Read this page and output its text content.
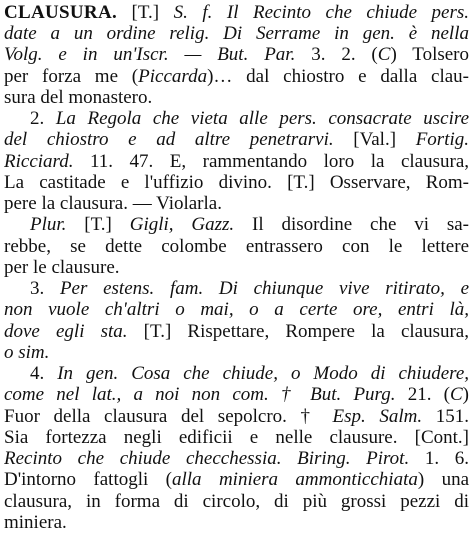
CLAUSURA. [T.] S. f. Il Recinto che chiude pers.
date a un ordine relig. Di Serrame in gen. è nella
Volg. e in un'Iscr. — But. Par. 3. 2. (C) Tolsero
per forza me (Piccarda)… dal chiostro e dalla clau-
sura del monastero.
2. La Regola che vieta alle pers. consacrate uscire
del chiostro e ad altre penetrarvi. [Val.] Fortig.
Ricciard. 11. 47. E, rammentando loro la clausura,
La castitade e l'uffizio divino. [T.] Osservare, Rom-
pere la clausura. — Violarla.
Plur. [T.] Gigli, Gazz. Il disordine che vi sa-
rebbe, se dette colombe entrassero con le lettere
per le clausure.
3. Per estens. fam. Di chiunque vive ritirato, e
non vuole ch'altri o mai, o a certe ore, entri là,
dove egli sta. [T.] Rispettare, Rompere la clausura,
o sim.
4. In gen. Cosa che chiude, o Modo di chiudere,
come nel lat., a noi non com. † But. Purg. 21. (C)
Fuor della clausura del sepolcro. † Esp. Salm. 151.
Sia fortezza negli edificii e nelle clausure. [Cont.]
Recinto che chiude checchessia. Biring. Pirot. 1. 6.
D'intorno fattogli (alla miniera ammonticchiata) una
clausura, in forma di circolo, di più grossi pezzi di
miniera.
